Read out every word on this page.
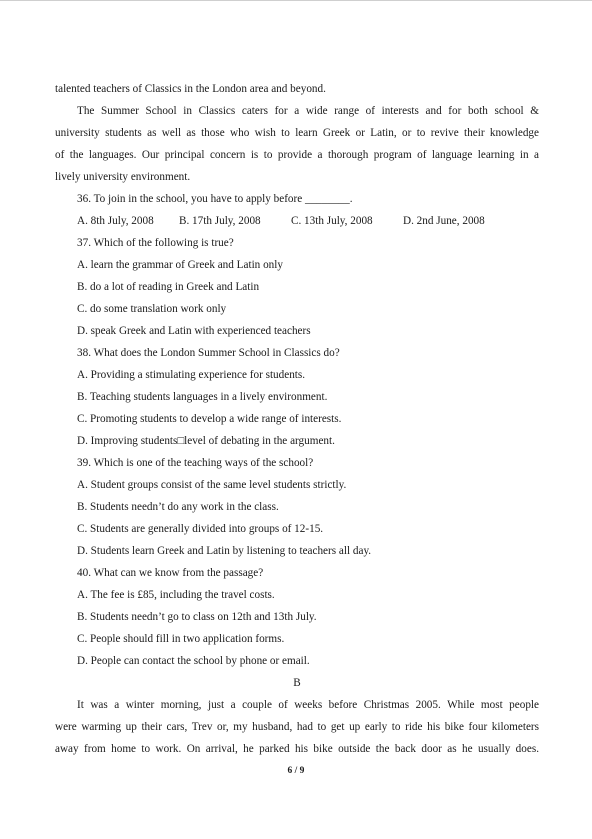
talented teachers of Classics in the London area and beyond.
The Summer School in Classics caters for a wide range of interests and for both school &
university students as well as those who wish to learn Greek or Latin, or to revive their knowledge
of the languages. Our principal concern is to provide a thorough program of language learning in a
lively university environment.
36. To join in the school, you have to apply before ________.
A. 8th July, 2008	B. 17th July, 2008	C. 13th July, 2008	D. 2nd June, 2008
37. Which of the following is true?
A. learn the grammar of Greek and Latin only
B. do a lot of reading in Greek and Latin
C. do some translation work only
D. speak Greek and Latin with experienced teachers
38. What does the London Summer School in Classics do?
A. Providing a stimulating experience for students.
B. Teaching students languages in a lively environment.
C. Promoting students to develop a wide range of interests.
D. Improving students□level of debating in the argument.
39. Which is one of the teaching ways of the school?
A. Student groups consist of the same level students strictly.
B. Students needn’t do any work in the class.
C. Students are generally divided into groups of 12-15.
D. Students learn Greek and Latin by listening to teachers all day.
40. What can we know from the passage?
A. The fee is £85, including the travel costs.
B. Students needn’t go to class on 12th and 13th July.
C. People should fill in two application forms.
D. People can contact the school by phone or email.
B
It was a winter morning, just a couple of weeks before Christmas 2005. While most people
were warming up their cars, Trev or, my husband, had to get up early to ride his bike four kilometers
away from home to work. On arrival, he parked his bike outside the back door as he usually does.
6 / 9
